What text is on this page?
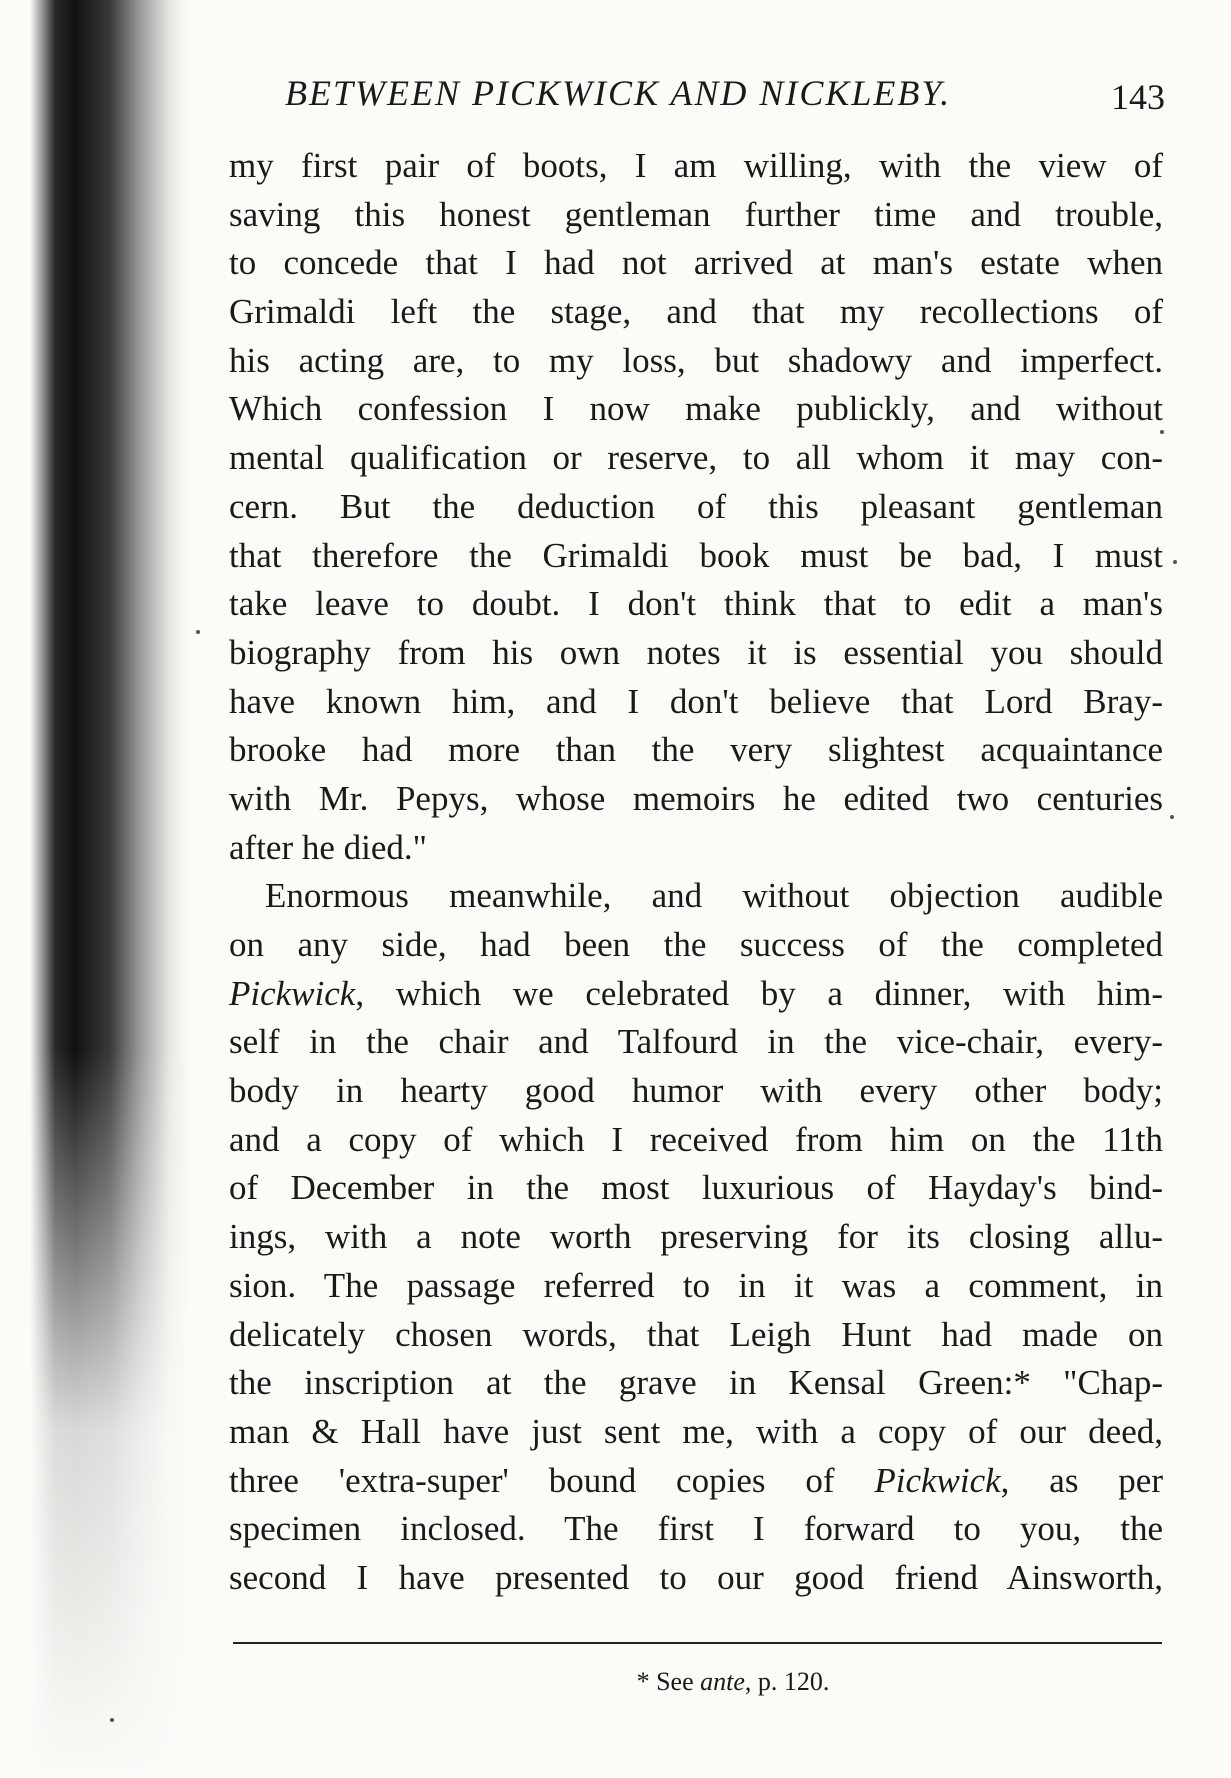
BETWEEN PICKWICK AND NICKLEBY.	143
my first pair of boots, I am willing, with the view of
saving this honest gentleman further time and trouble,
to concede that I had not arrived at man's estate when
Grimaldi left the stage, and that my recollections of
his acting are, to my loss, but shadowy and imperfect.
Which confession I now make publickly, and without
mental qualification or reserve, to all whom it may con-
cern. But the deduction of this pleasant gentleman
that therefore the Grimaldi book must be bad, I must
take leave to doubt. I don't think that to edit a man's
biography from his own notes it is essential you should
have known him, and I don't believe that Lord Bray-
brooke had more than the very slightest acquaintance
with Mr. Pepys, whose memoirs he edited two centuries
after he died."
Enormous meanwhile, and without objection audible
on any side, had been the success of the completed
Pickwick, which we celebrated by a dinner, with him-
self in the chair and Talfourd in the vice-chair, every-
body in hearty good humor with every other body;
and a copy of which I received from him on the 11th
of December in the most luxurious of Hayday's bind-
ings, with a note worth preserving for its closing allu-
sion. The passage referred to in it was a comment, in
delicately chosen words, that Leigh Hunt had made on
the inscription at the grave in Kensal Green:* "Chap-
man & Hall have just sent me, with a copy of our deed,
three 'extra-super' bound copies of Pickwick, as per
specimen inclosed. The first I forward to you, the
second I have presented to our good friend Ainsworth,
* See ante, p. 120.
